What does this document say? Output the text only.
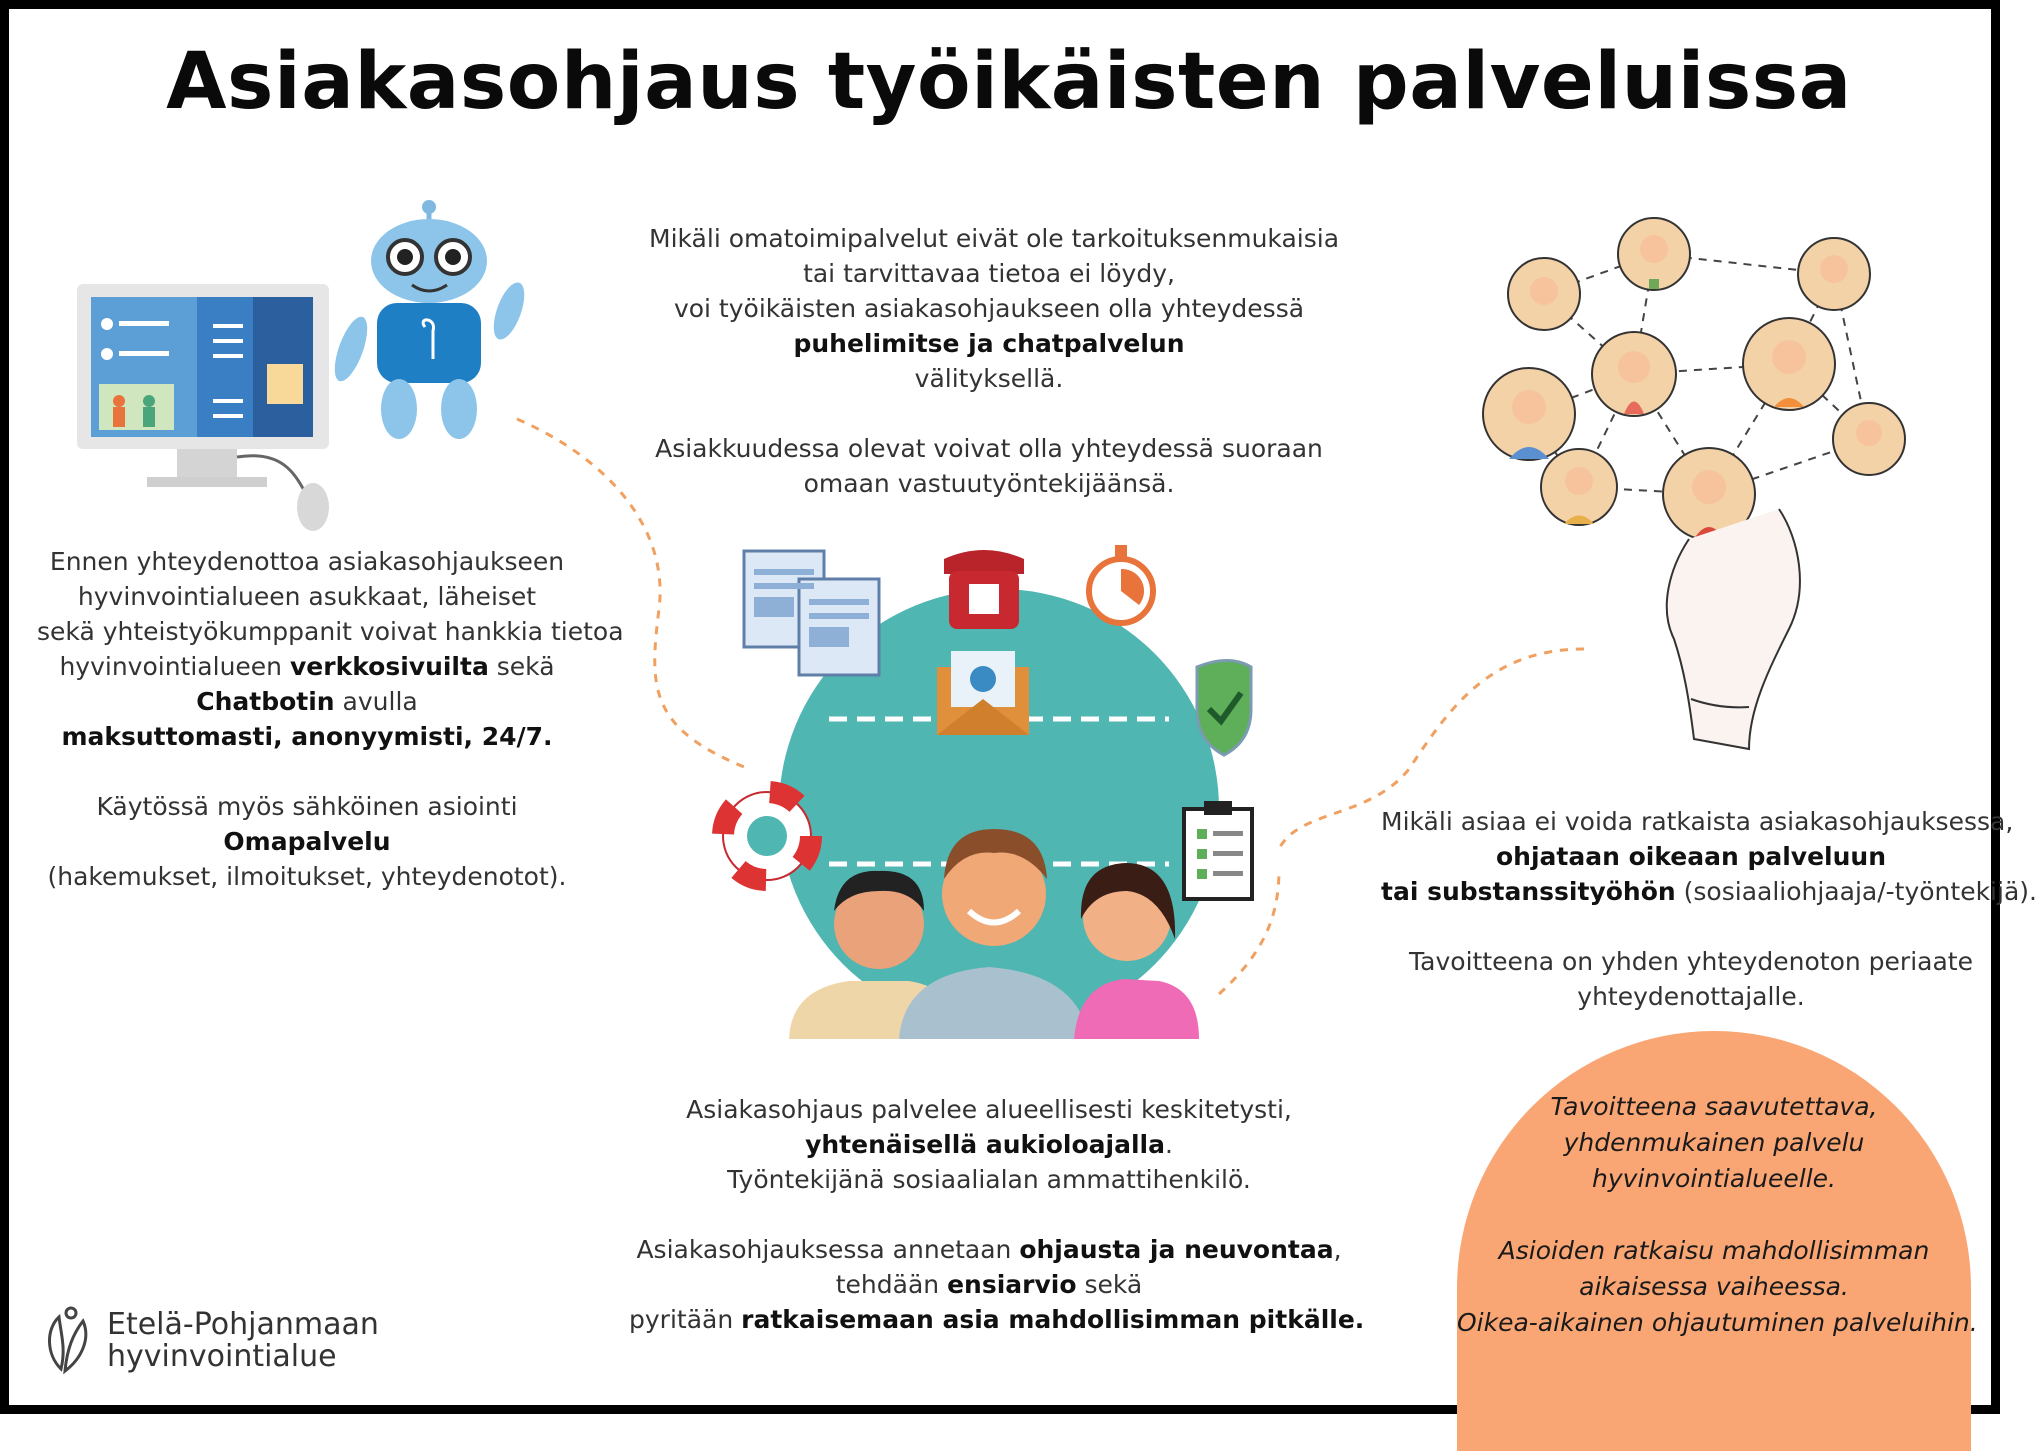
Asiakasohjaus työikäisten palveluissa
Ennen yhteydenottoa asiakasohjaukseen
hyvinvointialueen asukkaat, läheiset
sekä yhteistyökumppanit voivat hankkia tietoa
hyvinvointialueen verkkosivuilta sekä
Chatbotin avulla
maksuttomasti, anonyymisti, 24/7.
Käytössä myös sähköinen asiointi
Omapalvelu
(hakemukset, ilmoitukset, yhteydenotot).
Mikäli omatoimipalvelut eivät ole tarkoituksenmukaisia
tai tarvittavaa tietoa ei löydy,
voi työikäisten asiakasohjaukseen olla yhteydessä
puhelimitse ja chatpalvelun
välityksellä.
Asiakkuudessa olevat voivat olla yhteydessä suoraan
omaan vastuutyöntekijäänsä.
Asiakasohjaus palvelee alueellisesti keskitetysti,
yhtenäisellä aukioloajalla.
Työntekijänä sosiaalialan ammattihenkilö.
Asiakasohjauksessa annetaan ohjausta ja neuvontaa,
tehdään ensiarvio sekä
pyritään ratkaisemaan asia mahdollisimman pitkälle.
Mikäli asiaa ei voida ratkaista asiakasohjauksessa,
ohjataan oikeaan palveluun
tai substanssityöhön (sosiaaliohjaaja/-työntekijä).
Tavoitteena on yhden yhteydenoton periaate
yhteydenottajalle.
Tavoitteena saavutettava,
yhdenmukainen palvelu
hyvinvointialueelle.
Asioiden ratkaisu mahdollisimman
aikaisessa vaiheessa.
Oikea-aikainen ohjautuminen palveluihin.
Etelä-Pohjanmaan
hyvinvointialue
